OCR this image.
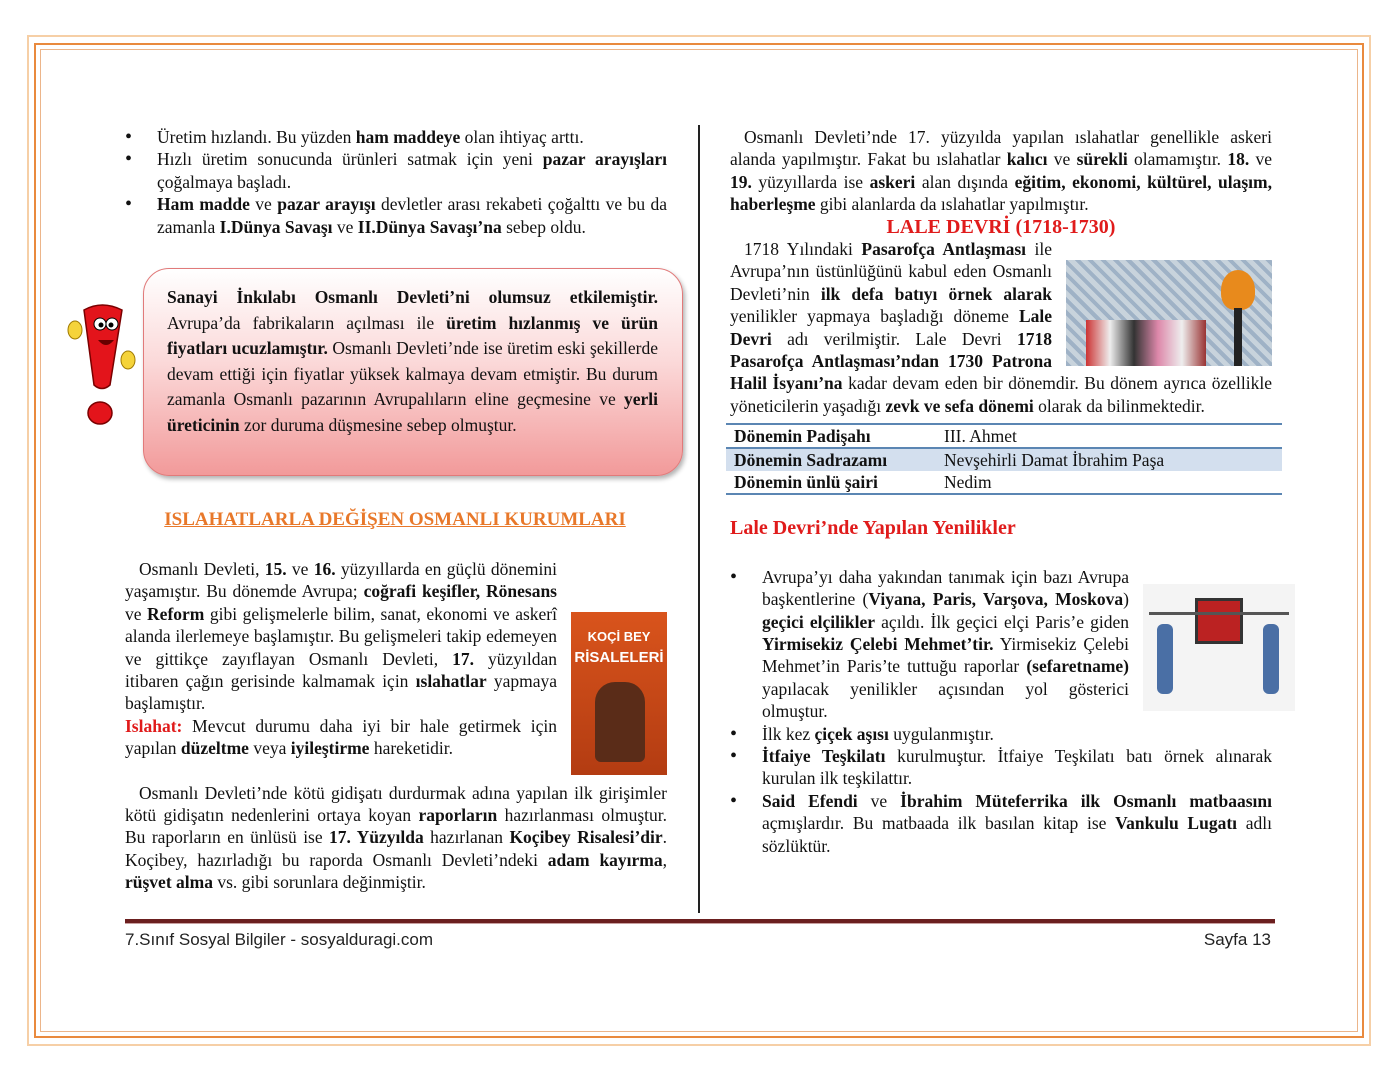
• Üretim hızlandı. Bu yüzden ham maddeye olan ihtiyaç arttı.
• Hızlı üretim sonucunda ürünleri satmak için yeni pazar arayışları çoğalmaya başladı.
• Ham madde ve pazar arayışı devletler arası rekabeti çoğalttı ve bu da zamanla I.Dünya Savaşı ve II.Dünya Savaşı’na sebep oldu.
Sanayi İnkılabı Osmanlı Devleti’ni olumsuz etkilemiştir. Avrupa’da fabrikaların açılması ile üretim hızlanmış ve ürün fiyatları ucuzlamıştır. Osmanlı Devleti’nde ise üretim eski şekillerde devam ettiği için fiyatlar yüksek kalmaya devam etmiştir. Bu durum zamanla Osmanlı pazarının Avrupalıların eline geçmesine ve yerli üreticinin zor duruma düşmesine sebep olmuştur.
ISLAHATLARLA DEĞİŞEN OSMANLI KURUMLARI
KOÇİ BEY
RİSALELERİ

Osmanlı Devleti, 15. ve 16. yüzyıllarda en güçlü dönemini yaşamıştır. Bu dönemde Avrupa; coğrafi keşifler, Rönesans ve Reform gibi gelişmelerle bilim, sanat, ekonomi ve askerî alanda ilerlemeye başlamıştır. Bu gelişmeleri takip edemeyen ve gittikçe zayıflayan Osmanlı Devleti, 17. yüzyıldan itibaren çağın gerisinde kalmamak için ıslahatlar yapmaya başlamıştır.

Islahat: Mevcut durumu daha iyi bir hale getirmek için yapılan düzeltme veya iyileştirme hareketidir.

Osmanlı Devleti’nde kötü gidişatı durdurmak adına yapılan ilk girişimler kötü gidişatın nedenlerini ortaya koyan raporların hazırlanması olmuştur. Bu raporların en ünlüsü ise 17. Yüzyılda hazırlanan Koçibey Risalesi’dir. Koçibey, hazırladığı bu raporda Osmanlı Devleti’ndeki adam kayırma, rüşvet alma vs. gibi sorunlara değinmiştir.

Osmanlı Devleti’nde 17. yüzyılda yapılan ıslahatlar genellikle askeri alanda yapılmıştır. Fakat bu ıslahatlar kalıcı ve sürekli olamamıştır. 18. ve 19. yüzyıllarda ise askeri alan dışında eğitim, ekonomi, kültürel, ulaşım, haberleşme gibi alanlarda da ıslahatlar yapılmıştır.

LALE DEVRİ (1718-1730)

1718 Yılındaki Pasarofça Antlaşması ile Avrupa’nın üstünlüğünü kabul eden Osmanlı Devleti’nin ilk defa batıyı örnek alarak yenilikler yapmaya başladığı döneme Lale Devri adı verilmiştir. Lale Devri 1718 Pasarofça Antlaşması’ndan 1730 Patrona Halil İsyanı’na kadar devam eden bir dönemdir. Bu dönem ayrıca özellikle yöneticilerin yaşadığı zevk ve sefa dönemi olarak da bilinmektedir.

Dönemin Padişahı	III. Ahmet
Dönemin Sadrazamı	Nevşehirli Damat İbrahim Paşa
Dönemin ünlü şairi	Nedim
Lale Devri’nde Yapılan Yenilikler
• Avrupa’yı daha yakından tanımak için bazı Avrupa başkentlerine (Viyana, Paris, Varşova, Moskova) geçici elçilikler açıldı. İlk geçici elçi Paris’e giden Yirmisekiz Çelebi Mehmet’tir. Yirmisekiz Çelebi Mehmet’in Paris’te tuttuğu raporlar (sefaretname) yapılacak yenilikler açısından yol gösterici olmuştur.
• İlk kez çiçek aşısı uygulanmıştır.
• İtfaiye Teşkilatı kurulmuştur. İtfaiye Teşkilatı batı örnek alınarak kurulan ilk teşkilattır.
• Said Efendi ve İbrahim Müteferrika ilk Osmanlı matbaasını açmışlardır. Bu matbaada ilk basılan kitap ise Vankulu Lugatı adlı sözlüktür.
7.Sınıf Sosyal Bilgiler - sosyalduragi.com	Sayfa 13
